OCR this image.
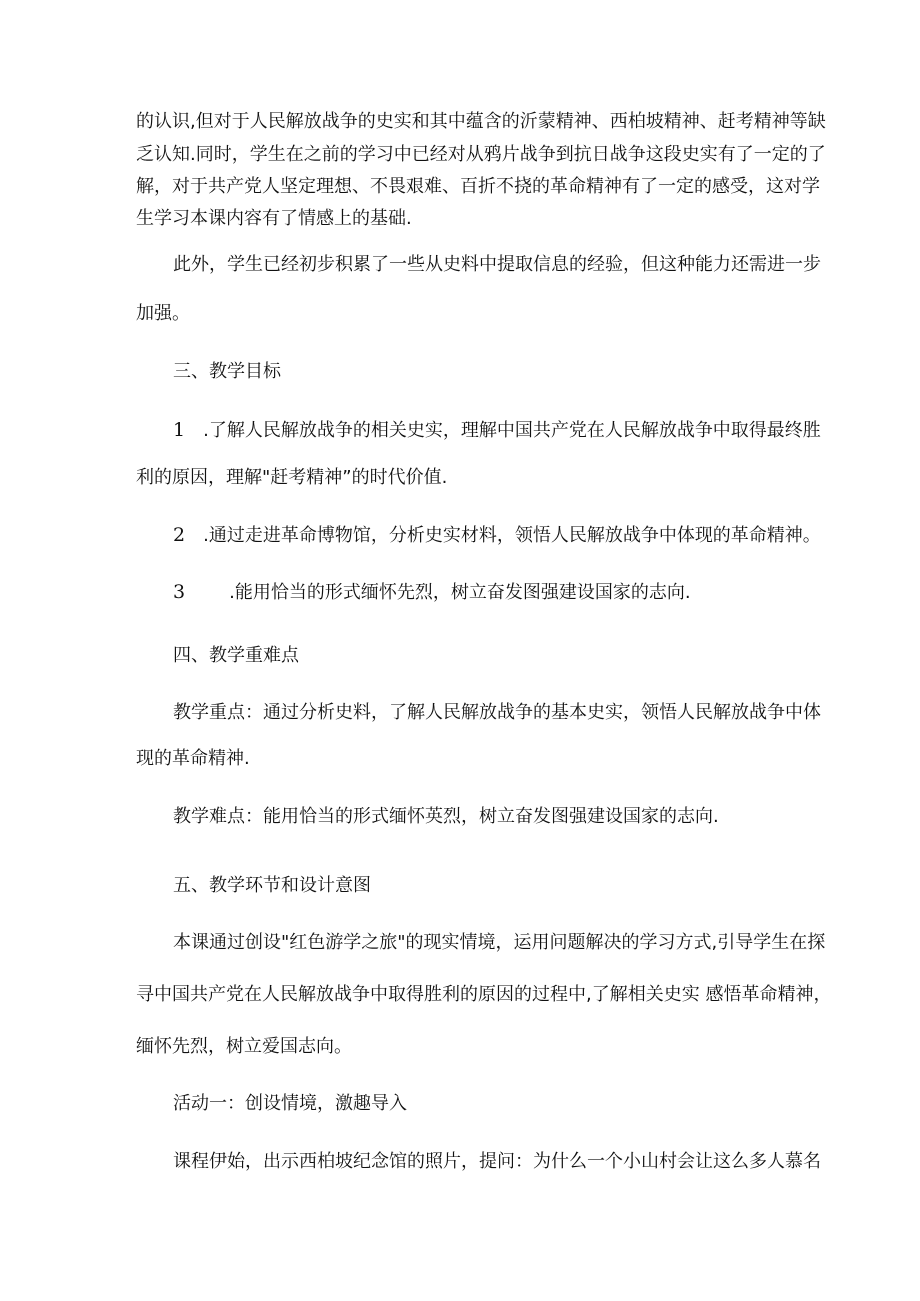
的认识,但对于人民解放战争的史实和其中蕴含的沂蒙精神、西柏坡精神、赶考精神等缺
乏认知.同时，学生在之前的学习中已经对从鸦片战争到抗日战争这段史实有了一定的了
解，对于共产党人坚定理想、不畏艰难、百折不挠的革命精神有了一定的感受，这对学
生学习本课内容有了情感上的基础.
此外，学生已经初步积累了一些从史料中提取信息的经验，但这种能力还需进一步
加强。
三、教学目标
1 .了解人民解放战争的相关史实，理解中国共产党在人民解放战争中取得最终胜
利的原因，理解"赶考精神”的时代价值.
2 .通过走进革命博物馆，分析史实材料，领悟人民解放战争中体现的革命精神。
3 .能用恰当的形式缅怀先烈，树立奋发图强建设国家的志向.
四、教学重难点
教学重点：通过分析史料，了解人民解放战争的基本史实，领悟人民解放战争中体
现的革命精神.
教学难点：能用恰当的形式缅怀英烈，树立奋发图强建设国家的志向.
五、教学环节和设计意图
本课通过创设"红色游学之旅"的现实情境，运用问题解决的学习方式,引导学生在探
寻中国共产党在人民解放战争中取得胜利的原因的过程中,了解相关史实 感悟革命精神，
缅怀先烈，树立爱国志向。
活动一：创设情境，激趣导入
课程伊始，出示西柏坡纪念馆的照片，提问：为什么一个小山村会让这么多人慕名
